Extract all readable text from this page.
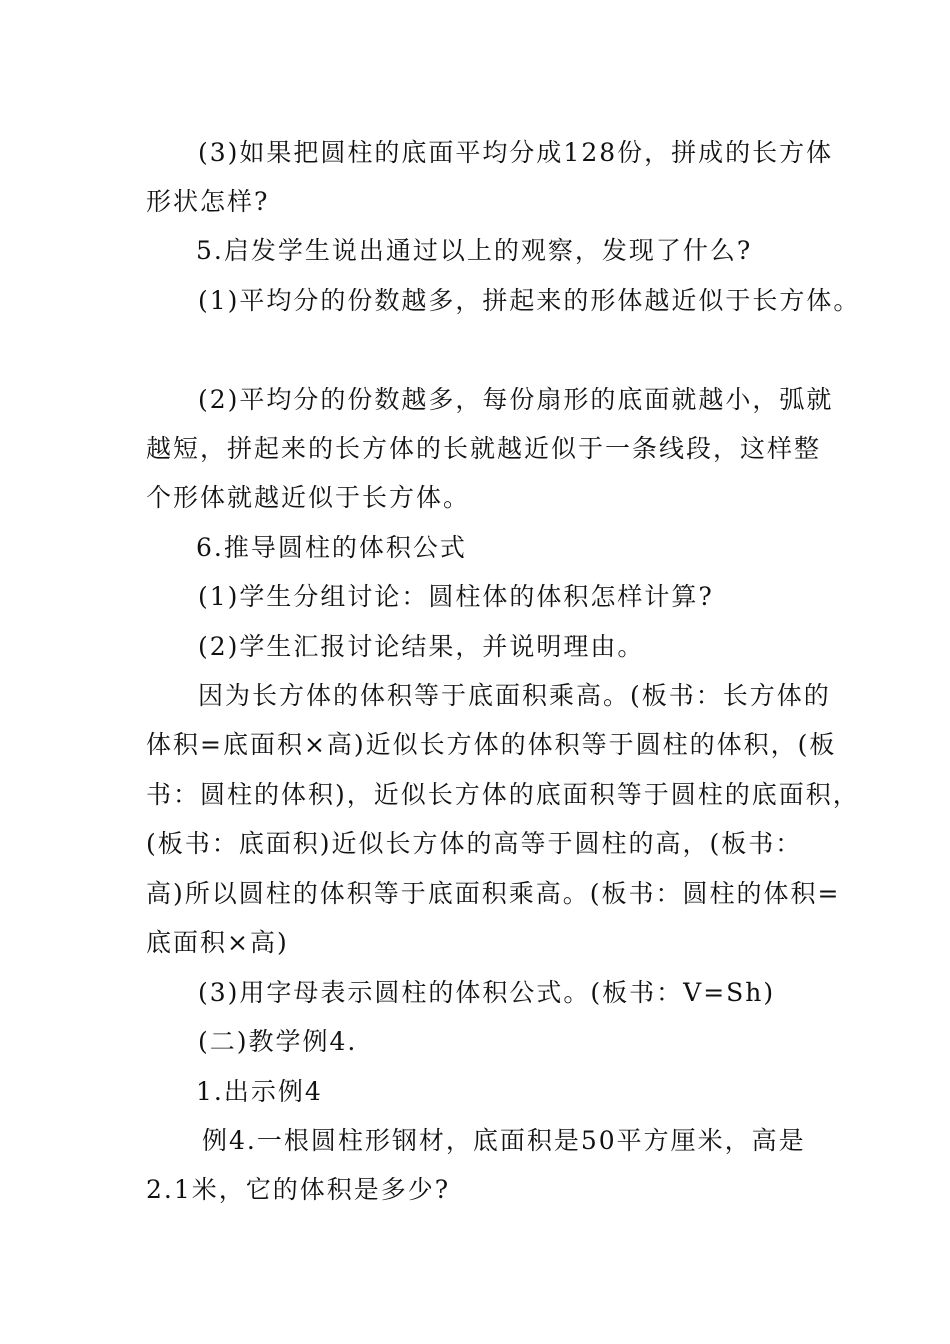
(3)如果把圆柱的底面平均分成128份，拼成的长方体
形状怎样?
5.启发学生说出通过以上的观察，发现了什么?
(1)平均分的份数越多，拼起来的形体越近似于长方体。
(2)平均分的份数越多，每份扇形的底面就越小，弧就
越短，拼起来的长方体的长就越近似于一条线段，这样整
个形体就越近似于长方体。
6.推导圆柱的体积公式
(1)学生分组讨论：圆柱体的体积怎样计算?
(2)学生汇报讨论结果，并说明理由。
因为长方体的体积等于底面积乘高。(板书：长方体的
体积=底面积×高)近似长方体的体积等于圆柱的体积，(板
书：圆柱的体积)，近似长方体的底面积等于圆柱的底面积，
(板书：底面积)近似长方体的高等于圆柱的高，(板书：
高)所以圆柱的体积等于底面积乘高。(板书：圆柱的体积=
底面积×高)
(3)用字母表示圆柱的体积公式。(板书：V=Sh)
(二)教学例4.
1.出示例4
例4.一根圆柱形钢材，底面积是50平方厘米，高是
2.1米，它的体积是多少?
